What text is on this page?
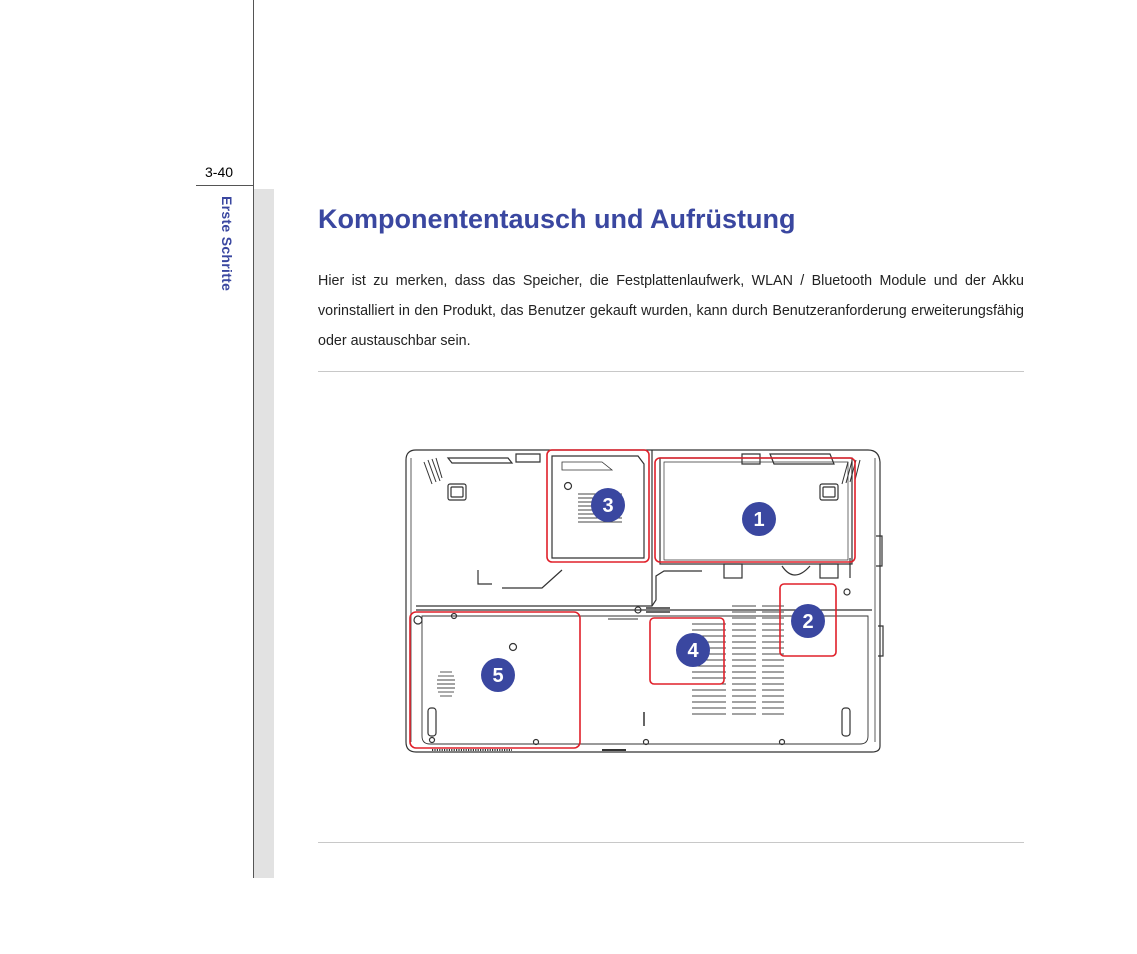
3-40
Erste Schritte	Komponententausch und Aufrüstung

Hier ist zu merken, dass das Speicher, die Festplattenlaufwerk, WLAN / Bluetooth Module und der Akku vorinstalliert in den Produkt, das Benutzer gekauft wurden, kann durch Benutzeranforderung erweiterungsfähig oder austauschbar sein.

1
2
3
4
5
